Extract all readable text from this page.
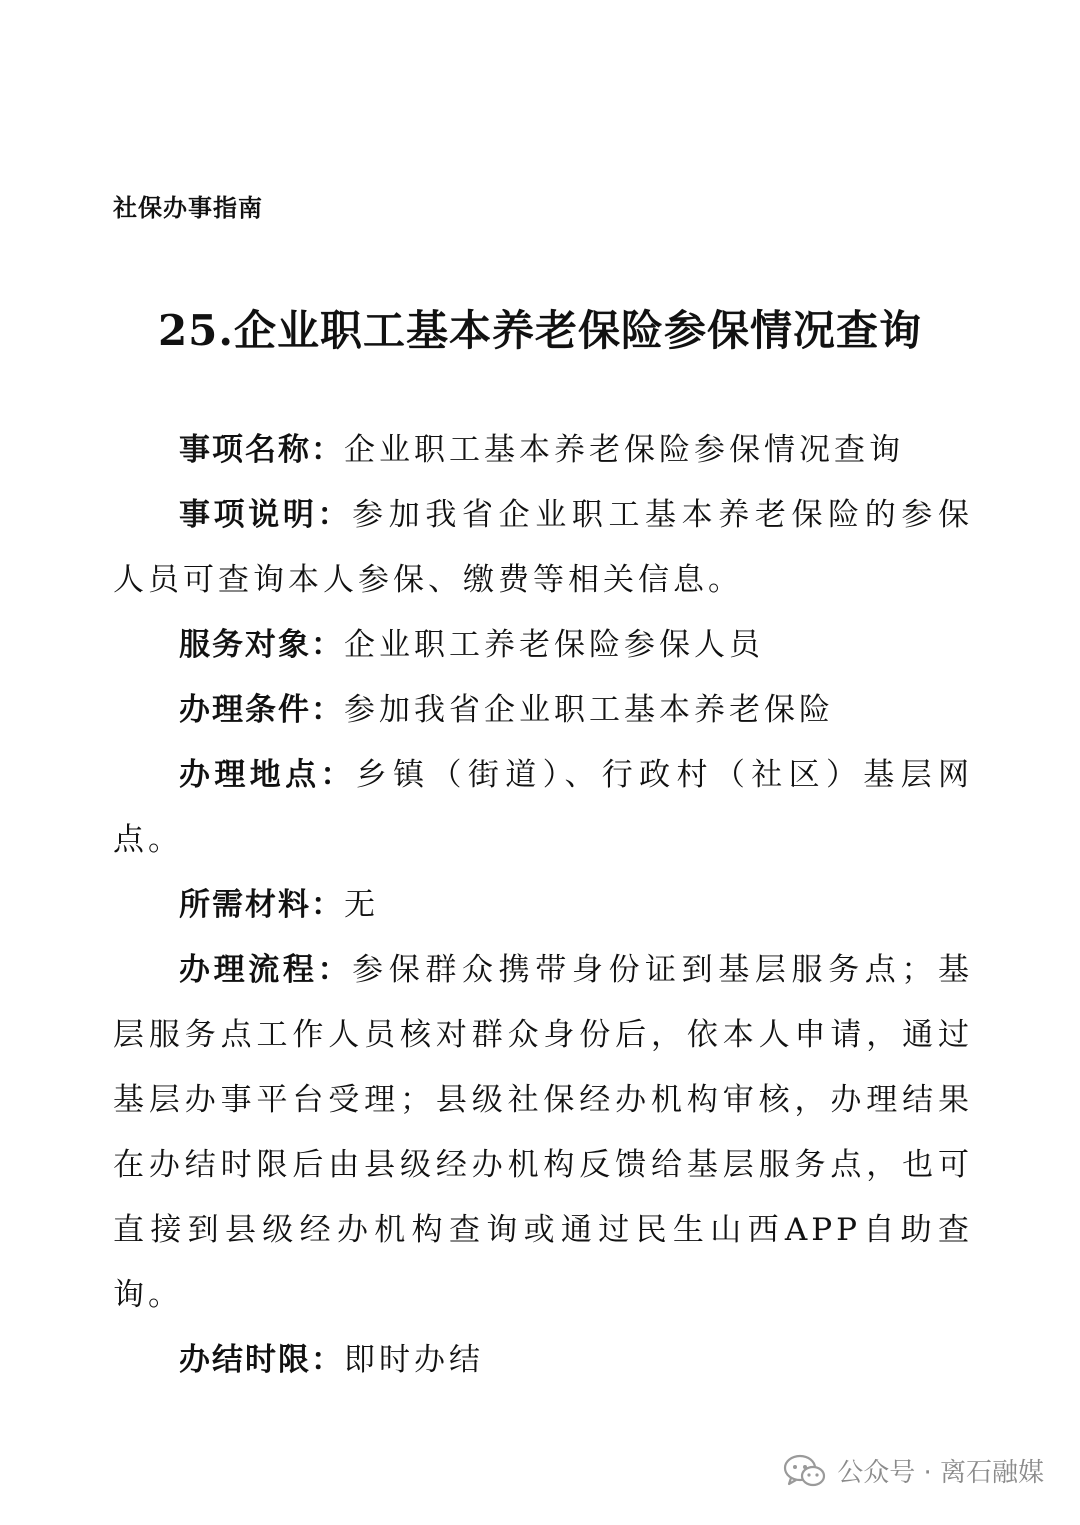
社保办事指南
25.企业职工基本养老保险参保情况查询

事项名称：企业职工基本养老保险参保情况查询

事项说明：参加我省企业职工基本养老保险的参保人员可查询本人参保、缴费等相关信息。

服务对象：企业职工养老保险参保人员

办理条件：参加我省企业职工基本养老保险

办理地点：乡镇（街道）、行政村（社区）基层网点。

所需材料：无

办理流程：参保群众携带身份证到基层服务点；基层服务点工作人员核对群众身份后，依本人申请，通过基层办事平台受理；县级社保经办机构审核，办理结果在办结时限后由县级经办机构反馈给基层服务点，也可直接到县级经办机构查询或通过民生山西APP自助查询。

办结时限：即时办结

公众号 · 离石融媒
